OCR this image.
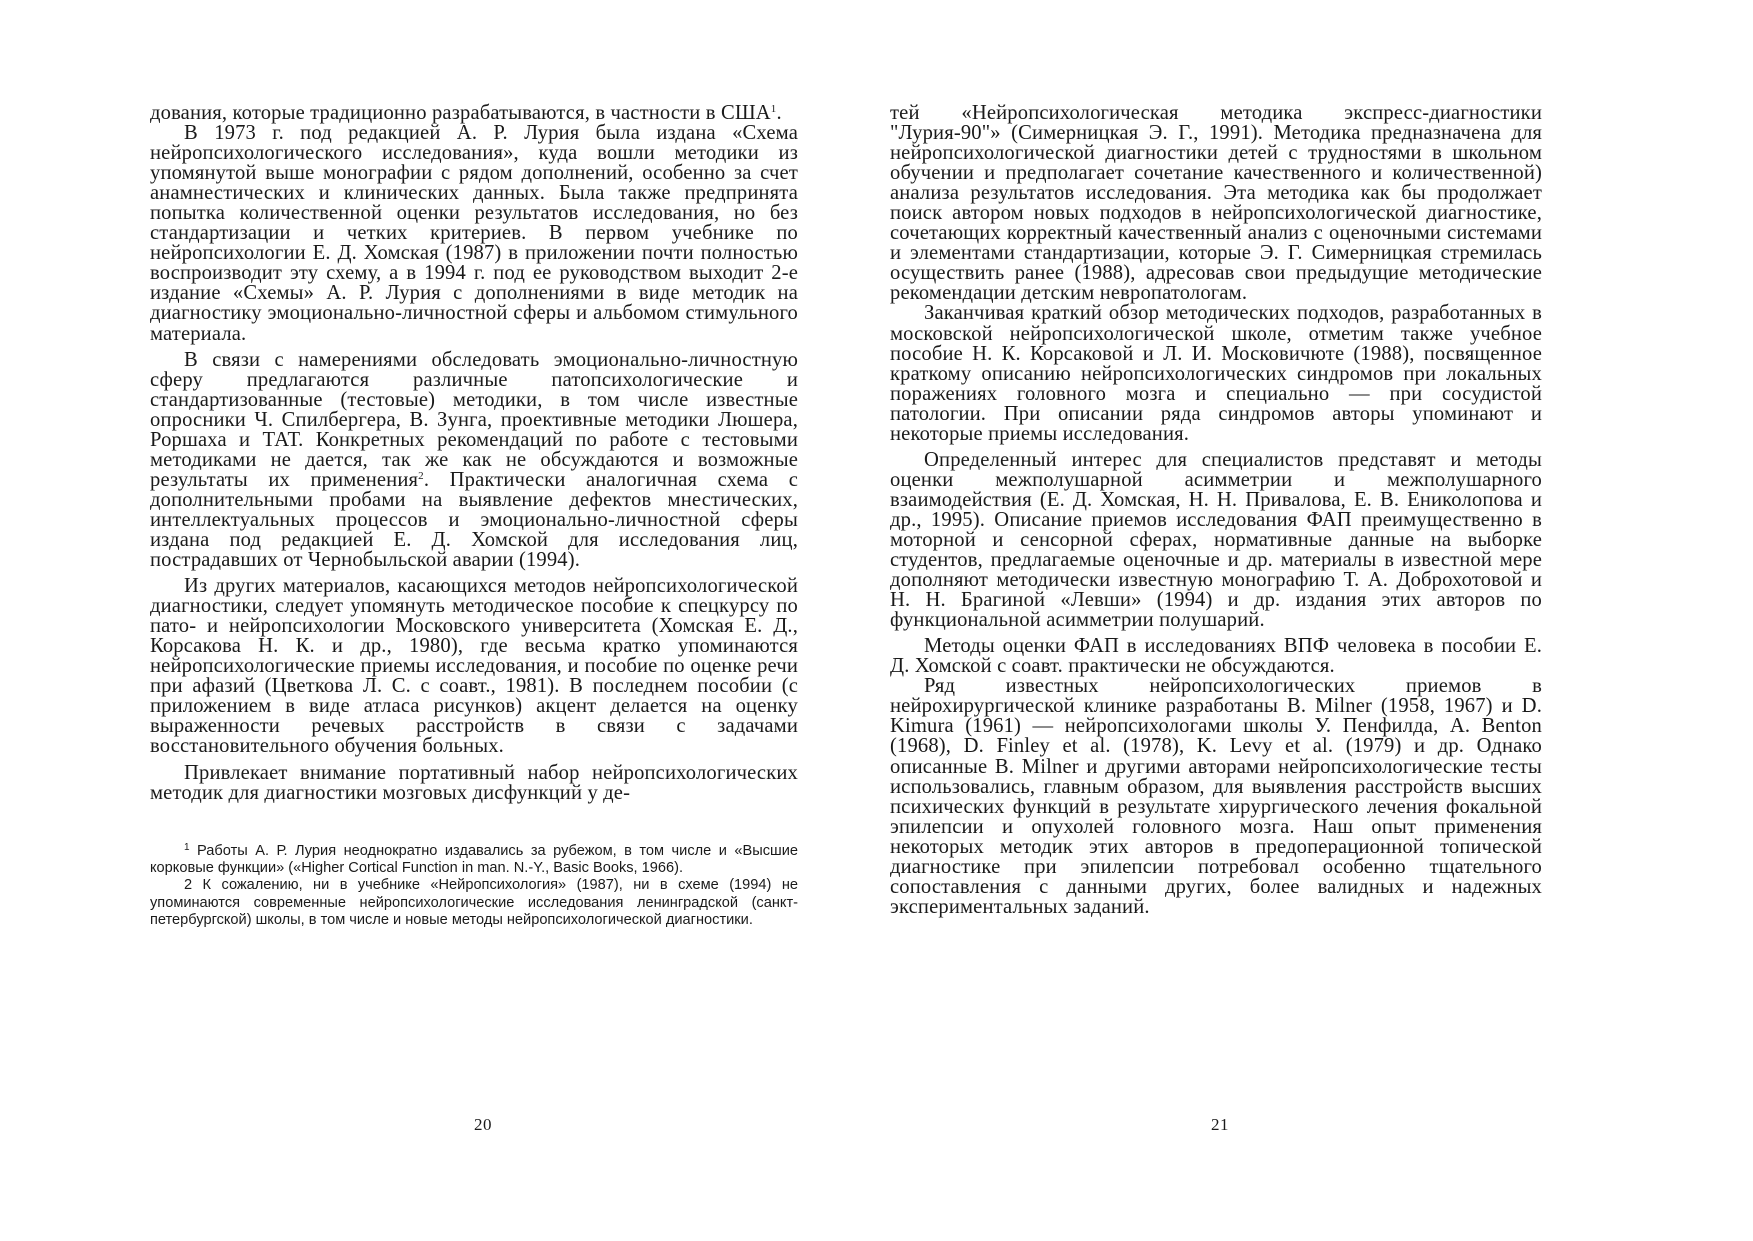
дования, которые традиционно разрабатываются, в частности в США$^1$.

В 1973 г. под редакцией А. Р. Лурия была издана «Схема нейропсихологического исследования», куда вошли методики из упомянутой выше монографии с рядом дополнений, особенно за счет анамнестических и клинических данных. Была также предпринята попытка количественной оценки результатов исследования, но без стандартизации и четких критериев. В первом учебнике по нейропсихологии Е. Д. Хомская (1987) в приложении почти полностью воспроизводит эту схему, а в 1994 г. под ее руководством выходит 2-е издание «Схемы» А. Р. Лурия с дополнениями в виде методик на диагностику эмоционально-личностной сферы и альбомом стимульного материала.

В связи с намерениями обследовать эмоционально-личностную сферу предлагаются различные патопсихологические и стандартизованные (тестовые) методики, в том числе известные опросники Ч. Спилбергера, В. Зунга, проективные методики Люшера, Роршаха и ТАТ. Конкретных рекомендаций по работе с тестовыми методиками не дается, так же как не обсуждаются и возможные результаты их применения$^2$. Практически аналогичная схема с дополнительными пробами на выявление дефектов мнестических, интеллектуальных процессов и эмоционально-личностной сферы издана под редакцией Е. Д. Хомской для исследования лиц, пострадавших от Чернобыльской аварии (1994).

Из других материалов, касающихся методов нейропсихологической диагностики, следует упомянуть методическое пособие к спецкурсу по пато- и нейропсихологии Московского университета (Хомская Е. Д., Корсакова Н. К. и др., 1980), где весьма кратко упоминаются нейропсихологические приемы исследования, и пособие по оценке речи при афазий (Цветкова Л. С. с соавт., 1981). В последнем пособии (с приложением в виде атласа рисунков) акцент делается на оценку выраженности речевых расстройств в связи с задачами восстановительного обучения больных.

Привлекает внимание портативный набор нейропсихологических методик для диагностики мозговых дисфункций у де-

$^1$ Работы А. Р. Лурия неоднократно издавались за рубежом, в том числе и «Высшие корковые функции» («Higher Cortical Function in man. N.-Y., Basic Books, 1966).

2 К сожалению, ни в учебнике «Нейропсихология» (1987), ни в схеме (1994) не упоминаются современные нейропсихологические исследования ленинградской (санкт-петербургской) школы, в том числе и новые методы нейропсихологической диагностики.

20

тей «Нейропсихологическая методика экспресс-диагностики "Лурия-90"» (Симерницкая Э. Г., 1991). Методика предназначена для нейропсихологической диагностики детей с трудностями в школьном обучении и предполагает сочетание качественного и количественной) анализа результатов исследования. Эта методика как бы продолжает поиск автором новых подходов в нейропсихологической диагностике, сочетающих корректный качественный анализ с оценочными системами и элементами стандартизации, которые Э. Г. Симерницкая стремилась осуществить ранее (1988), адресовав свои предыдущие методические рекомендации детским невропатологам.

Заканчивая краткий обзор методических подходов, разработанных в московской нейропсихологической школе, отметим также учебное пособие Н. К. Корсаковой и Л. И. Московичюте (1988), посвященное краткому описанию нейропсихологических синдромов при локальных поражениях головного мозга и специально — при сосудистой патологии. При описании ряда синдромов авторы упоминают и некоторые приемы исследования.

Определенный интерес для специалистов представят и методы оценки межполушарной асимметрии и межполушарного взаимодействия (Е. Д. Хомская, Н. Н. Привалова, Е. В. Ениколопова и др., 1995). Описание приемов исследования ФАП преимущественно в моторной и сенсорной сферах, нормативные данные на выборке студентов, предлагаемые оценочные и др. материалы в известной мере дополняют методически известную монографию Т. А. Доброхотовой и Н. Н. Брагиной «Левши» (1994) и др. издания этих авторов по функциональной асимметрии полушарий.

Методы оценки ФАП в исследованиях ВПФ человека в пособии Е. Д. Хомской с соавт. практически не обсуждаются.

Ряд известных нейропсихологических приемов в нейрохирургической клинике разработаны В. Milner (1958, 1967) и D. Kimura (1961) — нейропсихологами школы У. Пенфилда, A. Benton (1968), D. Finley et al. (1978), K. Levy et al. (1979) и др. Однако описанные В. Milner и другими авторами нейропсихологические тесты использовались, главным образом, для выявления расстройств высших психических функций в результате хирургического лечения фокальной эпилепсии и опухолей головного мозга. Наш опыт применения некоторых методик этих авторов в предоперационной топической диагностике при эпилепсии потребовал особенно тщательного сопоставления с данными других, более валидных и надежных экспериментальных заданий.

21
